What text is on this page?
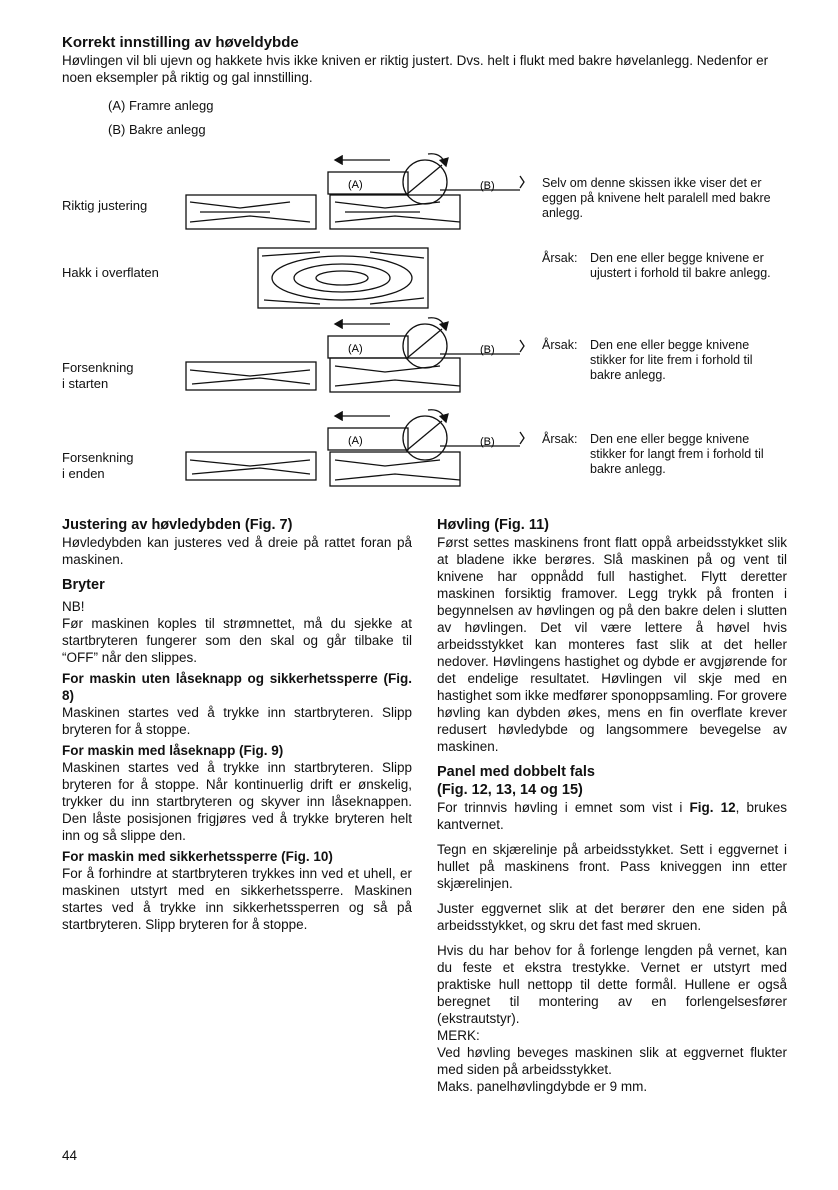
Korrekt innstilling av høveldybde
Høvlingen vil bli ujevn og hakkete hvis ikke kniven er riktig justert. Dvs. helt i flukt med bakre høvelanlegg. Nedenfor er noen eksempler på riktig og gal innstilling.
(A) Framre anlegg
(B) Bakre anlegg
Riktig justering
Hakk i overflaten
Forsenkning
i starten
Forsenkning
i enden
(A)	(B)
(A)	(B)
(A)	(B)
Selv om denne skissen ikke viser det er eggen på knivene helt paralell med bakre anlegg.
Årsak:	Den ene eller begge knivene er ujustert i forhold til bakre anlegg.
Årsak:	Den ene eller begge knivene stikker for lite frem i forhold til bakre anlegg.
Årsak:	Den ene eller begge knivene stikker for langt frem i forhold til bakre anlegg.

Justering av høvledybden (Fig. 7)

Høvledybden kan justeres ved å dreie på rattet foran på maskinen.

Bryter

NB!

Før maskinen koples til strømnettet, må du sjekke at startbryteren fungerer som den skal og går tilbake til “OFF” når den slippes.

For maskin uten låseknapp og sikkerhetssperre (Fig. 8)

Maskinen startes ved å trykke inn startbryteren. Slipp bryteren for å stoppe.

For maskin med låseknapp (Fig. 9)

Maskinen startes ved å trykke inn startbryteren. Slipp bryteren for å stoppe. Når kontinuerlig drift er ønskelig, trykker du inn startbryteren og skyver inn låseknappen. Den låste posisjonen frigjøres ved å trykke bryteren helt inn og så slippe den.

For maskin med sikkerhetssperre (Fig. 10)

For å forhindre at startbryteren trykkes inn ved et uhell, er maskinen utstyrt med en sikkerhetssperre. Maskinen startes ved å trykke inn sikkerhetssperren og så på startbryteren. Slipp bryteren for å stoppe.

Høvling (Fig. 11)

Først settes maskinens front flatt oppå arbeidsstykket slik at bladene ikke berøres. Slå maskinen på og vent til knivene har oppnådd full hastighet. Flytt deretter maskinen forsiktig framover. Legg trykk på fronten i begynnelsen av høvlingen og på den bakre delen i slutten av høvlingen. Det vil være lettere å høvel hvis arbeidsstykket kan monteres fast slik at det heller nedover. Høvlingens hastighet og dybde er avgjørende for det endelige resultatet. Høvlingen vil skje med en hastighet som ikke medfører sponoppsamling. For grovere høvling kan dybden økes, mens en fin overflate krever redusert høvledybde og langsommere bevegelse av maskinen.

Panel med dobbelt fals
(Fig. 12, 13, 14 og 15)

For trinnvis høvling i emnet som vist i Fig. 12, brukes kantvernet.

Tegn en skjærelinje på arbeidsstykket. Sett i eggvernet i hullet på maskinens front. Pass kniveggen inn etter skjærelinjen.

Juster eggvernet slik at det berører den ene siden på arbeidsstykket, og skru det fast med skruen.

Hvis du har behov for å forlenge lengden på vernet, kan du feste et ekstra trestykke. Vernet er utstyrt med praktiske hull nettopp til dette formål. Hullene er også beregnet til montering av en forlengelsesfører (ekstrautstyr).

MERK:

Ved høvling beveges maskinen slik at eggvernet flukter med siden på arbeidsstykket.

Maks. panelhøvlingdybde er 9 mm.

44
